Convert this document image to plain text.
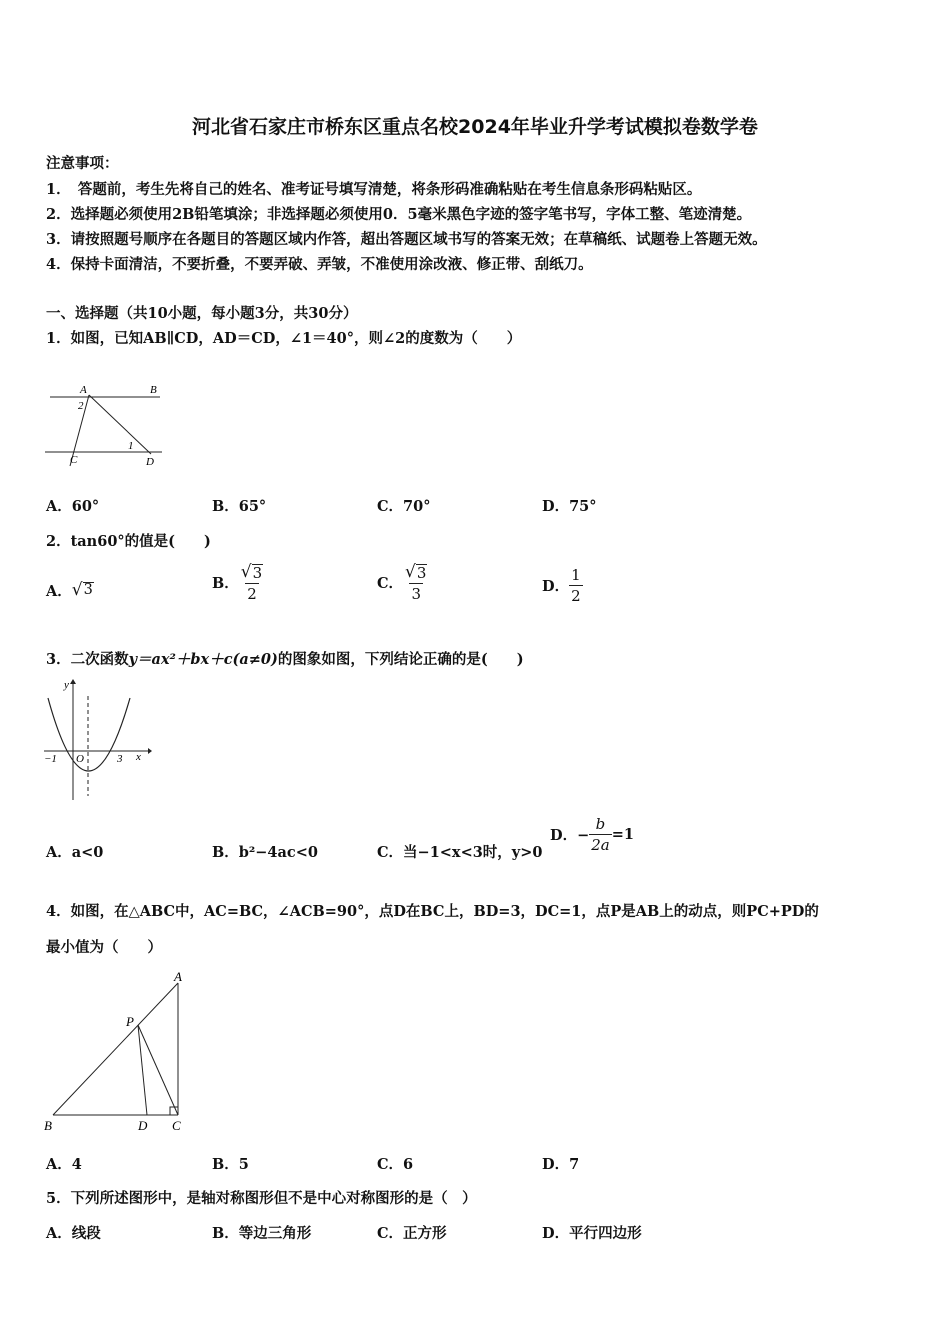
河北省石家庄市桥东区重点名校2024年毕业升学考试模拟卷数学卷
注意事项：
1．　答题前，考生先将自己的姓名、准考证号填写清楚，将条形码准确粘贴在考生信息条形码粘贴区。
2．选择题必须使用2B铅笔填涂；非选择题必须使用0．5毫米黑色字迹的签字笔书写，字体工整、笔迹清楚。
3．请按照题号顺序在各题目的答题区域内作答，超出答题区域书写的答案无效；在草稿纸、试题卷上答题无效。
4．保持卡面清洁，不要折叠，不要弄破、弄皱，不准使用涂改液、修正带、刮纸刀。
一、选择题（共10小题，每小题3分，共30分）
1．如图，已知AB∥CD，AD＝CD，∠1＝40°，则∠2的度数为（　　）
A	B
C	D
2
1
A．60°	B．65°	C．70°	D．75°
2．tan60°的值是(　　)
A． √ 3	B． $\frac{√ 3}{2}$	C． $\frac{√ 3}{3}$	D． $\frac{1}{2}$
3．二次函数y＝ax²＋bx＋c(a≠0)的图象如图，下列结论正确的是(　　)
y
x
O
−1	3
A．a<0	B．b²−4ac<0	C．当−1<x<3时，y>0
D．− $\frac{b}{2a} =1$
4．如图，在△ABC中，AC=BC，∠ACB=90°，点D在BC上，BD=3，DC=1，点P是AB上的动点，则PC+PD的
最小值为（　　）
A
B	C
D
P
A．4	B．5	C．6	D．7
5．下列所述图形中，是轴对称图形但不是中心对称图形的是（　）
A．线段	B．等边三角形	C．正方形	D．平行四边形
